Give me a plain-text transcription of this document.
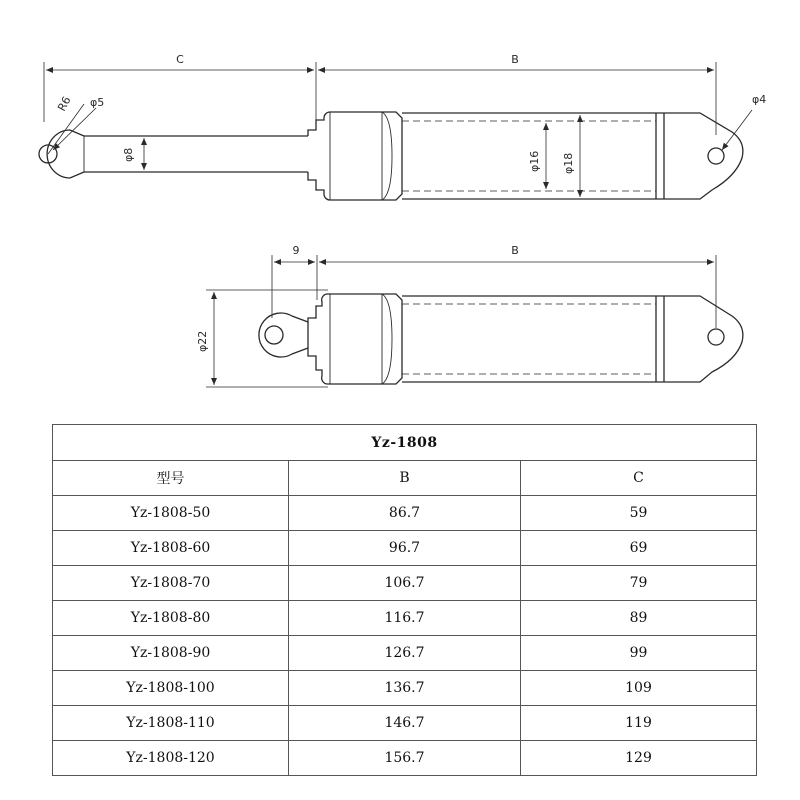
C	B
R6 φ5
φ8	φ16 φ18
φ4
9	B
φ22
Yz-1808		
型号	B	C
Yz-1808-50	86.7	59
Yz-1808-60	96.7	69
Yz-1808-70	106.7	79
Yz-1808-80	116.7	89
Yz-1808-90	126.7	99
Yz-1808-100	136.7	109
Yz-1808-110	146.7	119
Yz-1808-120	156.7	129
